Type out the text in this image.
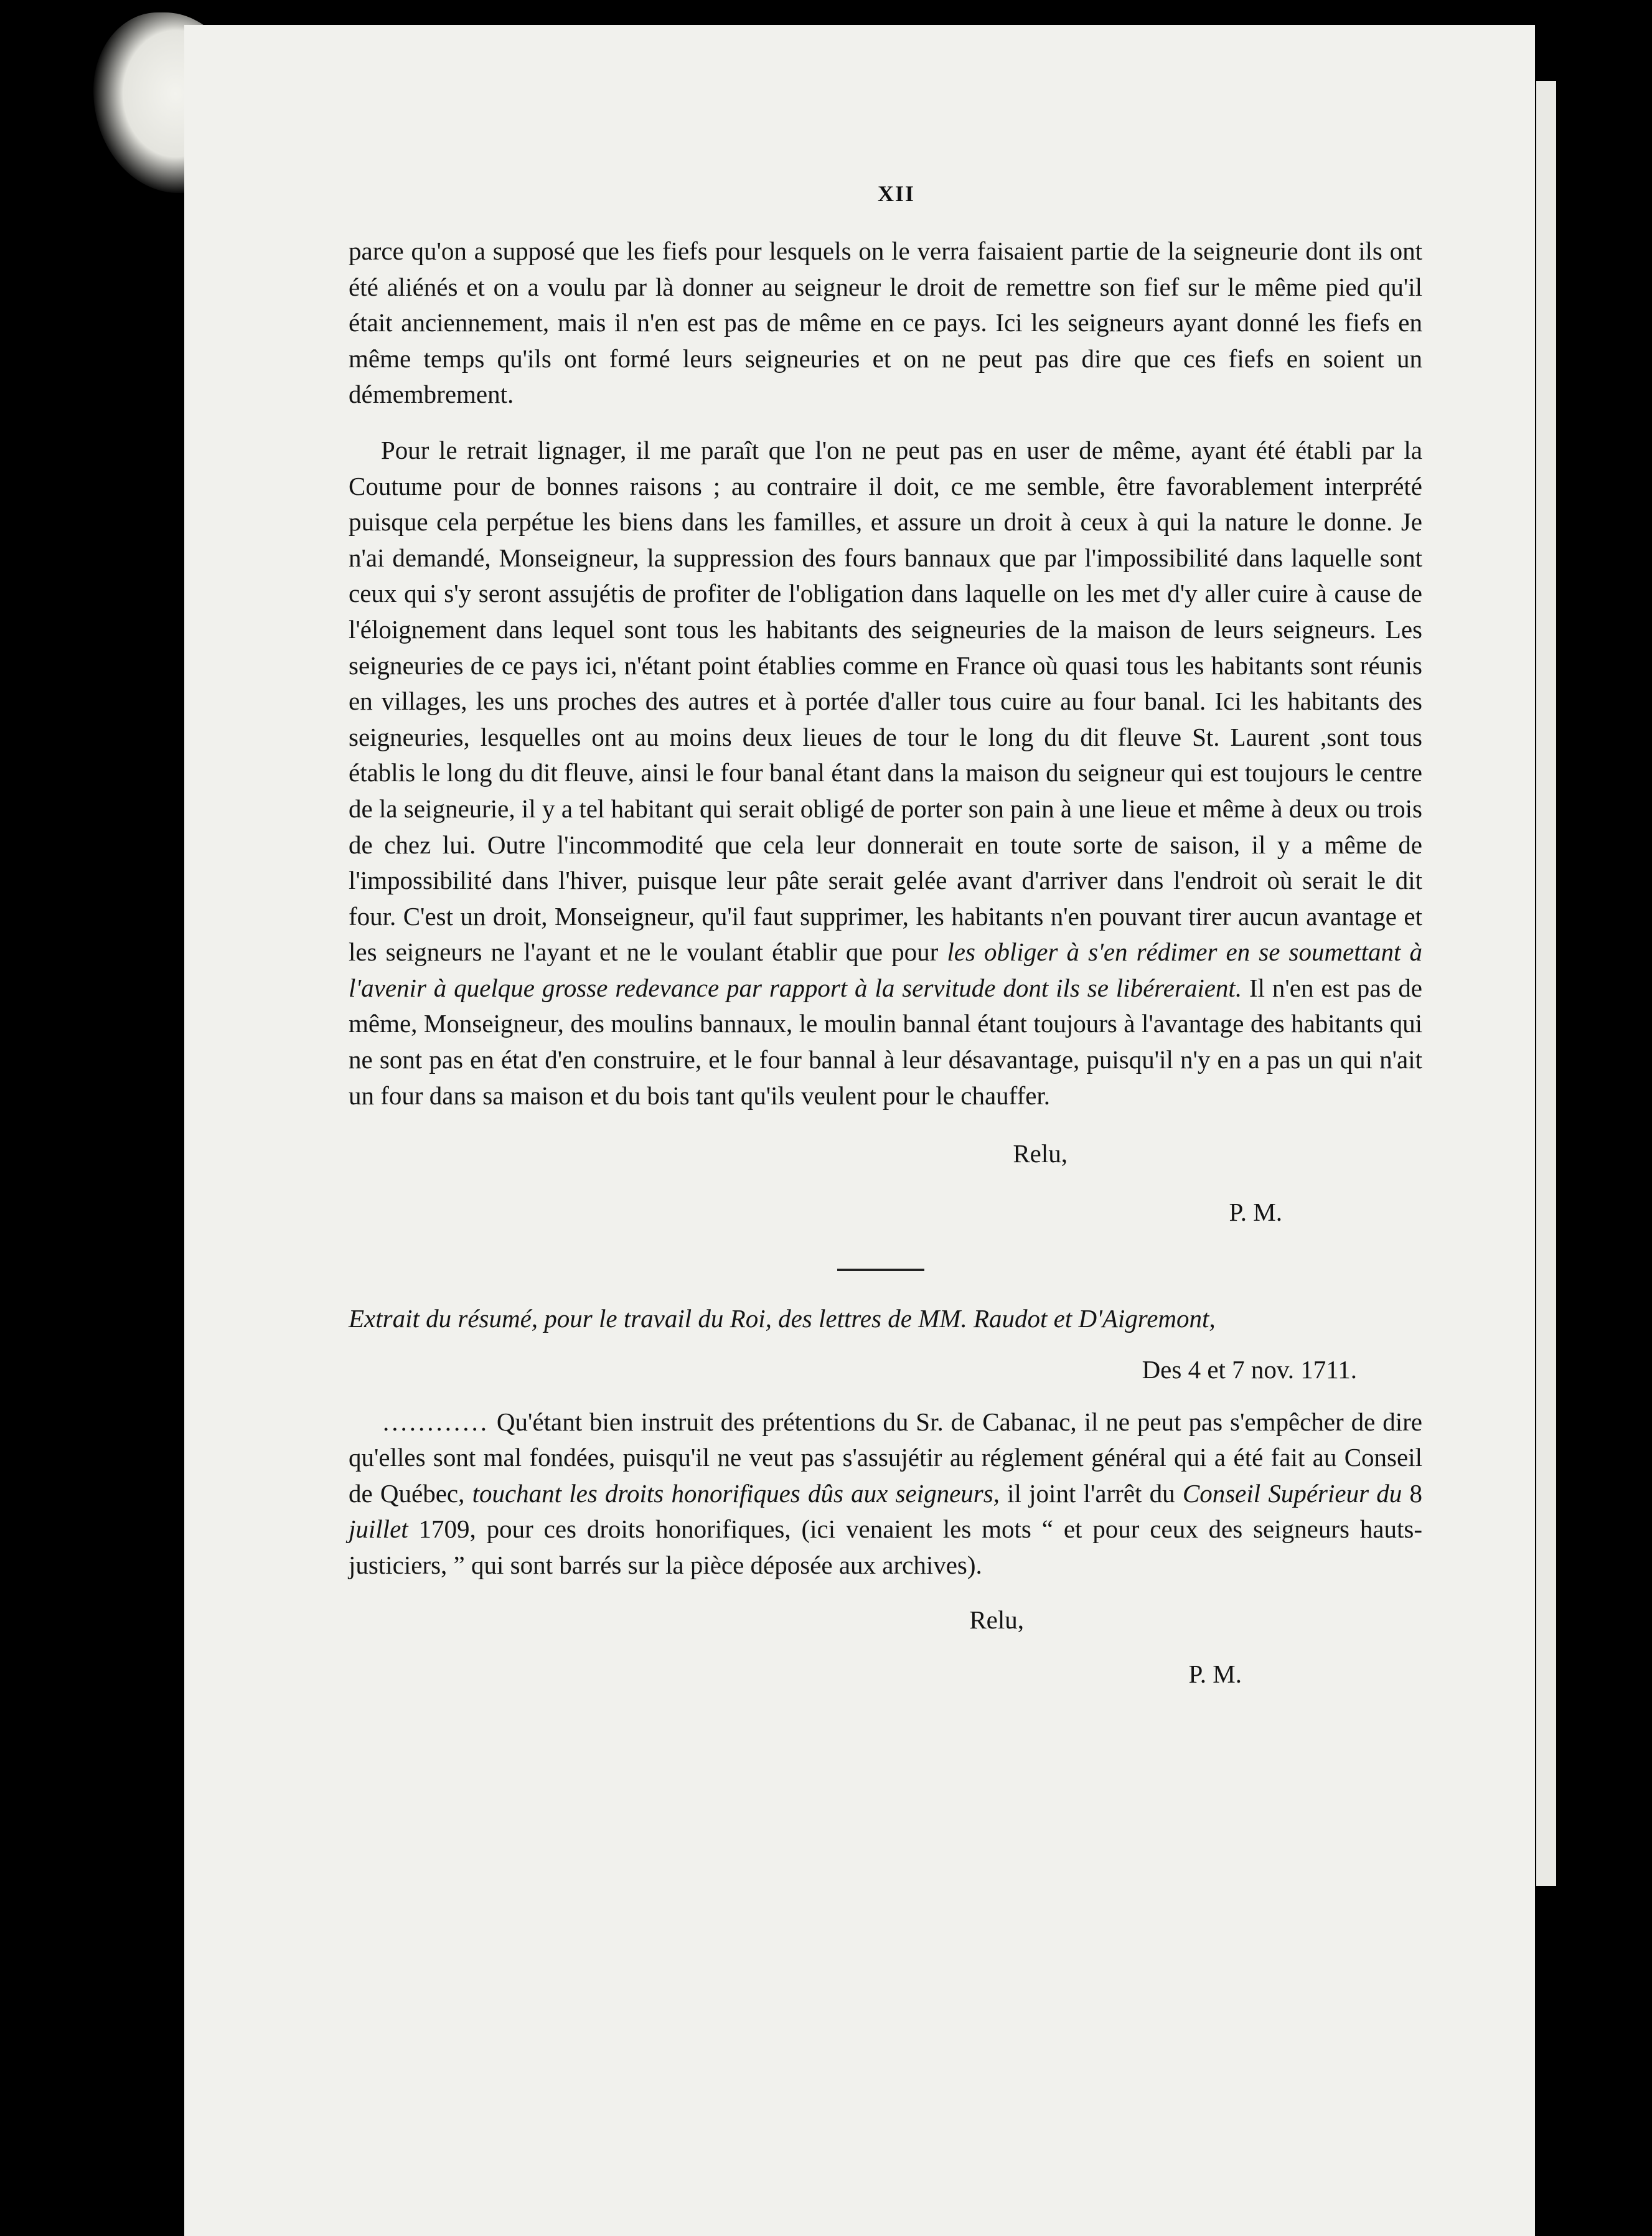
XII

parce qu'on a supposé que les fiefs pour lesquels on le verra faisaient partie de la seigneurie dont ils ont été aliénés et on a voulu par là donner au seigneur le droit de remettre son fief sur le même pied qu'il était anciennement, mais il n'en est pas de même en ce pays. Ici les seigneurs ayant donné les fiefs en même temps qu'ils ont formé leurs seigneuries et on ne peut pas dire que ces fiefs en soient un démembrement.

Pour le retrait lignager, il me paraît que l'on ne peut pas en user de même, ayant été établi par la Coutume pour de bonnes raisons ; au contraire il doit, ce me semble, être favorablement interprété puisque cela perpétue les biens dans les familles, et assure un droit à ceux à qui la nature le donne. Je n'ai demandé, Monseigneur, la suppression des fours bannaux que par l'impossibilité dans laquelle sont ceux qui s'y seront assujétis de profiter de l'obligation dans laquelle on les met d'y aller cuire à cause de l'éloignement dans lequel sont tous les habitants des seigneuries de la maison de leurs seigneurs. Les seigneuries de ce pays ici, n'étant point établies comme en France où quasi tous les habitants sont réunis en villages, les uns proches des autres et à portée d'aller tous cuire au four banal. Ici les habitants des seigneuries, lesquelles ont au moins deux lieues de tour le long du dit fleuve St. Laurent ,sont tous établis le long du dit fleuve, ainsi le four banal étant dans la maison du seigneur qui est toujours le centre de la seigneurie, il y a tel habitant qui serait obligé de porter son pain à une lieue et même à deux ou trois de chez lui. Outre l'incommodité que cela leur donnerait en toute sorte de saison, il y a même de l'impossibilité dans l'hiver, puisque leur pâte serait gelée avant d'arriver dans l'endroit où serait le dit four. C'est un droit, Monseigneur, qu'il faut supprimer, les habitants n'en pouvant tirer aucun avantage et les seigneurs ne l'ayant et ne le voulant établir que pour les obliger à s'en rédimer en se soumettant à l'avenir à quelque grosse redevance par rapport à la servitude dont ils se libéreraient. Il n'en est pas de même, Monseigneur, des moulins bannaux, le moulin bannal étant toujours à l'avantage des habitants qui ne sont pas en état d'en construire, et le four bannal à leur désavantage, puisqu'il n'y en a pas un qui n'ait un four dans sa maison et du bois tant qu'ils veulent pour le chauffer.

Relu,

P. M.

Extrait du résumé, pour le travail du Roi, des lettres de MM. Raudot et D'Aigremont,

Des 4 et 7 nov. 1711.

............ Qu'étant bien instruit des prétentions du Sr. de Cabanac, il ne peut pas s'empêcher de dire qu'elles sont mal fondées, puisqu'il ne veut pas s'assujétir au réglement général qui a été fait au Conseil de Québec, touchant les droits honorifiques dûs aux seigneurs, il joint l'arrêt du Conseil Supérieur du 8 juillet 1709, pour ces droits honorifiques, (ici venaient les mots “ et pour ceux des seigneurs hauts-justiciers, ” qui sont barrés sur la pièce déposée aux archives).

Relu,

P. M.
